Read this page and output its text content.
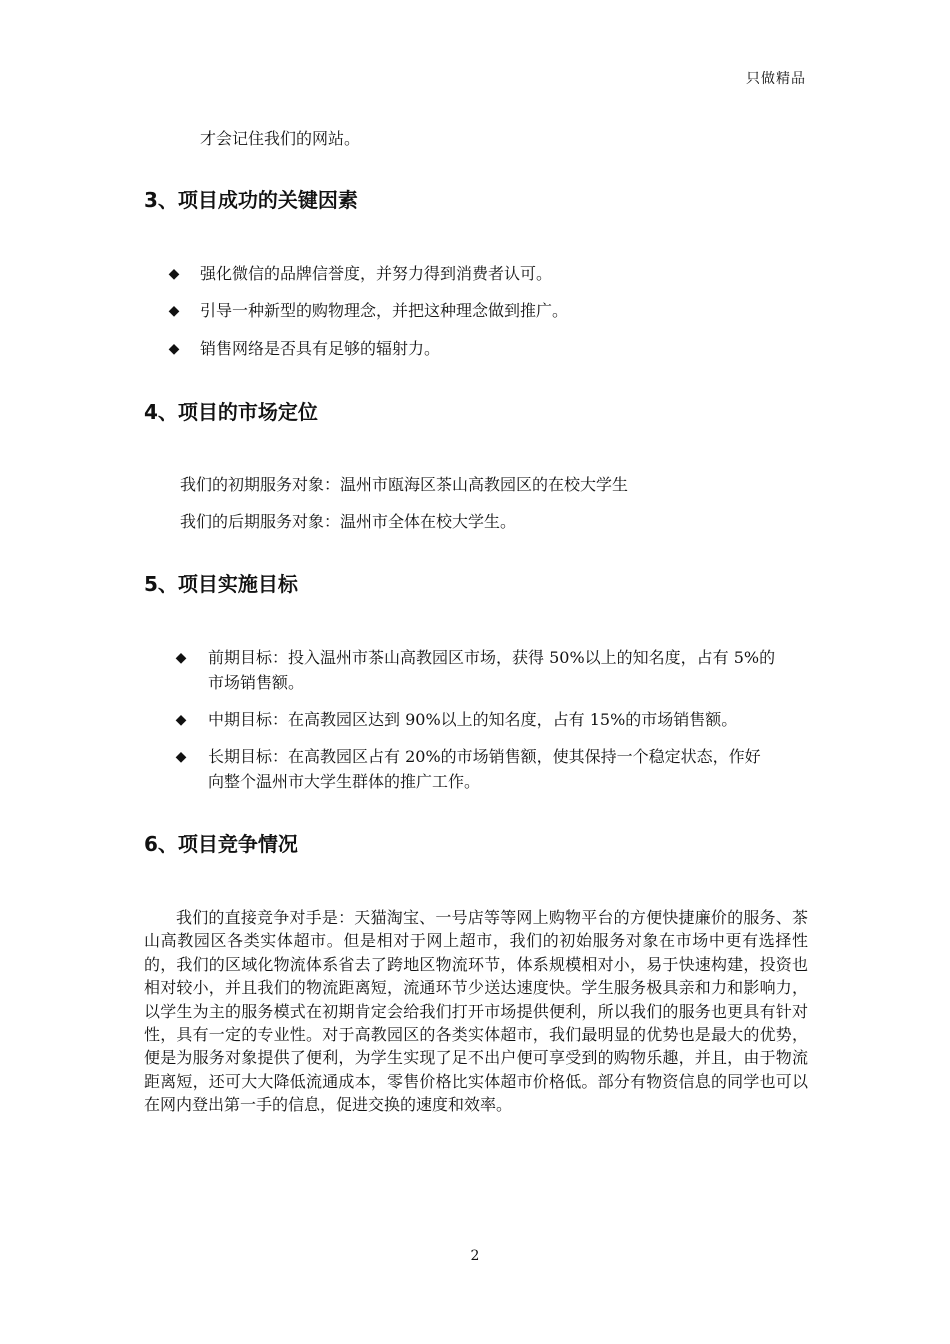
只做精品
才会记住我们的网站。
3、项目成功的关键因素
◆ 强化微信的品牌信誉度，并努力得到消费者认可。
◆ 引导一种新型的购物理念，并把这种理念做到推广。
◆ 销售网络是否具有足够的辐射力。
4、项目的市场定位
我们的初期服务对象：温州市瓯海区茶山高教园区的在校大学生
我们的后期服务对象：温州市全体在校大学生。
5、项目实施目标
◆ 前期目标：投入温州市茶山高教园区市场，获得 50%以上的知名度，占有 5%的
市场销售额。
◆ 中期目标：在高教园区达到 90%以上的知名度，占有 15%的市场销售额。
◆ 长期目标：在高教园区占有 20%的市场销售额，使其保持一个稳定状态，作好
向整个温州市大学生群体的推广工作。
6、项目竞争情况
我们的直接竞争对手是：天猫淘宝、一号店等等网上购物平台的方便快捷廉价的服务、茶山高教园区各类实体超市。但是相对于网上超市，我们的初始服务对象在市场中更有选择性的，我们的区域化物流体系省去了跨地区物流环节，体系规模相对小，易于快速构建，投资也相对较小，并且我们的物流距离短，流通环节少送达速度快。学生服务极具亲和力和影响力，以学生为主的服务模式在初期肯定会给我们打开市场提供便利，所以我们的服务也更具有针对性，具有一定的专业性。对于高教园区的各类实体超市，我们最明显的优势也是最大的优势，便是为服务对象提供了便利，为学生实现了足不出户便可享受到的购物乐趣，并且，由于物流距离短，还可大大降低流通成本，零售价格比实体超市价格低。部分有物资信息的同学也可以在网内登出第一手的信息，促进交换的速度和效率。
2
